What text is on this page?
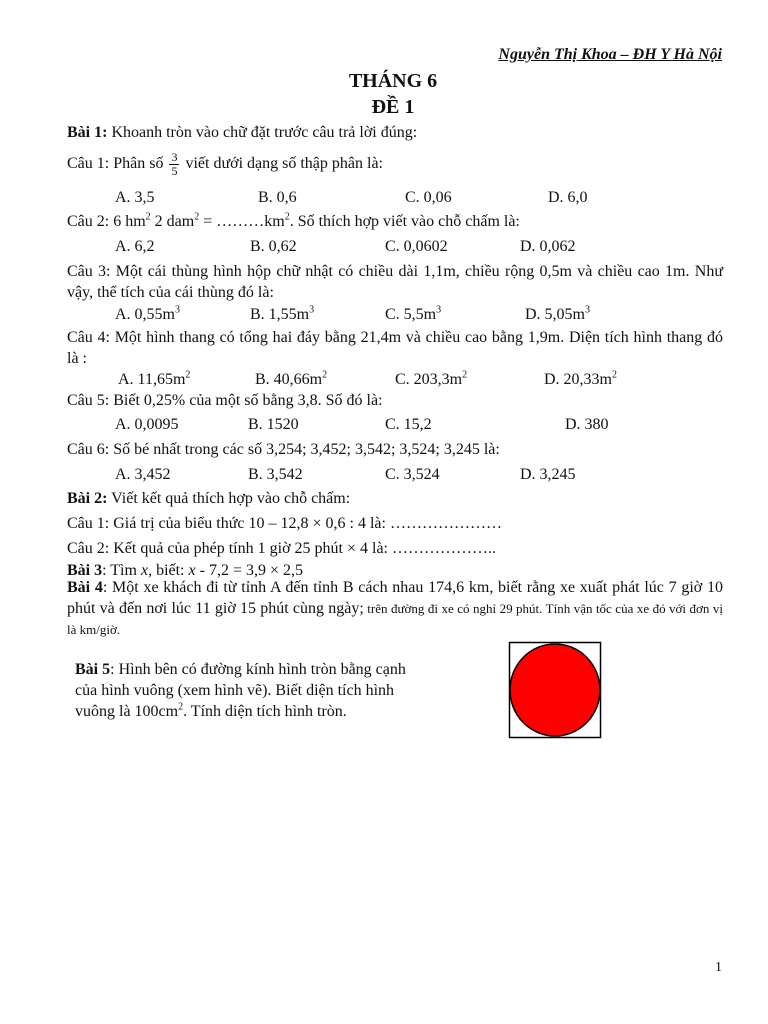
Nguyễn Thị Khoa – ĐH Y Hà Nội
THÁNG 6
ĐỀ 1
Bài 1: Khoanh tròn vào chữ đặt trước câu trả lời đúng:
Câu 1: Phân số $\frac{3}{5}$ viết dưới dạng số thập phân là:
A. 3,5	B. 0,6	C. 0,06	D. 6,0
Câu 2: 6 $hm^2$ 2 $dam^2 = \dots\dots\dots km^2$. Số thích hợp viết vào chỗ chấm là:
A. 6,2	B. 0,62	C. 0,0602	D. 0,062
Câu 3: Một cái thùng hình hộp chữ nhật có chiều dài 1,1m, chiều rộng 0,5m và chiều cao 1m. Như vậy, thể tích của cái thùng đó là:
A. $0,55m^3$	B. $1,55m^3$	C. $5,5m^3$	D. $5,05m^3$
Câu 4: Một hình thang có tổng hai đáy bằng 21,4m và chiều cao bằng 1,9m. Diện tích hình thang đó là :
A. $11,65m^2$	B. $40,66m^2$	C. $203,3m^2$	D. $20,33m^2$
Câu 5: Biết 0,25% của một số bằng 3,8. Số đó là:
A. 0,0095	B. 1520	C. 15,2	D. 380
Câu 6: Số bé nhất trong các số 3,254; 3,452; 3,542; 3,524; 3,245 là:
A. 3,452	B. 3,542	C. 3,524	D. 3,245
Bài 2: Viết kết quả thích hợp vào chỗ chấm:
Câu 1: Giá trị của biểu thức 10 – 12,8 × 0,6 : 4 là: …………………
Câu 2: Kết quả của phép tính 1 giờ 25 phút × 4 là: ………………..
Bài 3: Tìm x, biết: x - 7,2 = 3,9 × 2,5
Bài 4: Một xe khách đi từ tỉnh A đến tỉnh B cách nhau 174,6 km, biết rằng xe xuất phát lúc 7 giờ 10 phút và đến nơi lúc 11 giờ 15 phút cùng ngày; trên đường đi xe có nghỉ 29 phút. Tính vận tốc của xe đó với đơn vị là km/giờ.
Bài 5: Hình bên có đường kính hình tròn bằng cạnh của hình vuông (xem hình vẽ). Biết diện tích hình vuông là $100cm^2$. Tính diện tích hình tròn.
1
